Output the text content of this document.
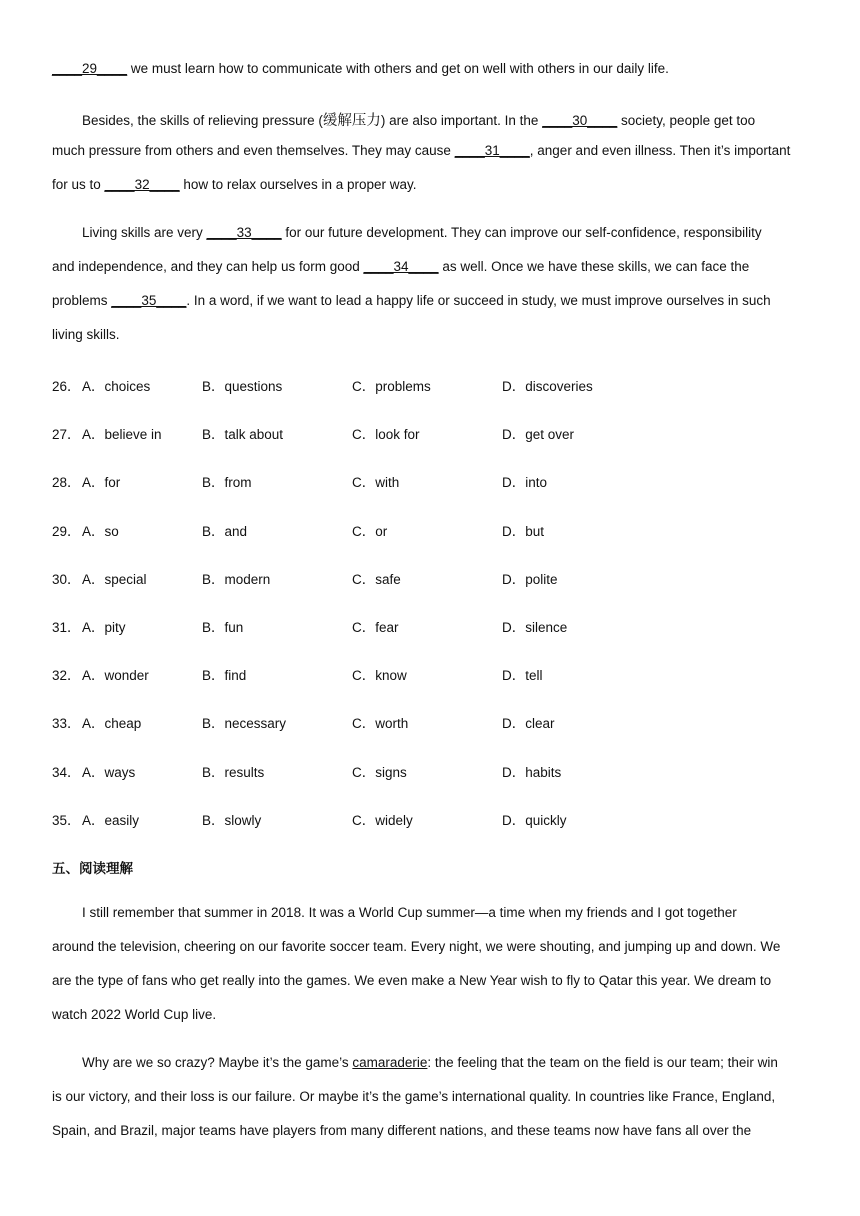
____29____ we must learn how to communicate with others and get on well with others in our daily life.
Besides, the skills of relieving pressure (缓解压力) are also important. In the ____30____ society, people get too
much pressure from others and even themselves. They may cause ____31____, anger and even illness. Then it’s important
for us to ____32____ how to relax ourselves in a proper way.
Living skills are very ____33____ for our future development. They can improve our self-confidence, responsibility
and independence, and they can help us form good ____34____ as well. Once we have these skills, we can face the
problems ____35____. In a word, if we want to lead a happy life or succeed in study, we must improve ourselves in such
living skills.
26． A．choices	B．questions	C．problems	D．discoveries
27． A．believe in	B．talk about	C．look for	D．get over
28． A．for	B．from	C．with	D．into
29． A．so	B．and	C．or	D．but
30． A．special	B．modern	C．safe	D．polite
31． A．pity	B．fun	C．fear	D．silence
32． A．wonder	B．find	C．know	D．tell
33． A．cheap	B．necessary	C．worth	D．clear
34． A．ways	B．results	C．signs	D．habits
35． A．easily	B．slowly	C．widely	D．quickly
五、阅读理解
I still remember that summer in 2018. It was a World Cup summer—a time when my friends and I got together
around the television, cheering on our favorite soccer team. Every night, we were shouting, and jumping up and down. We
are the type of fans who get really into the games. We even make a New Year wish to fly to Qatar this year. We dream to
watch 2022 World Cup live.
Why are we so crazy? Maybe it’s the game’s camaraderie: the feeling that the team on the field is our team; their win
is our victory, and their loss is our failure. Or maybe it’s the game’s international quality. In countries like France, England,
Spain, and Brazil, major teams have players from many different nations, and these teams now have fans all over the
